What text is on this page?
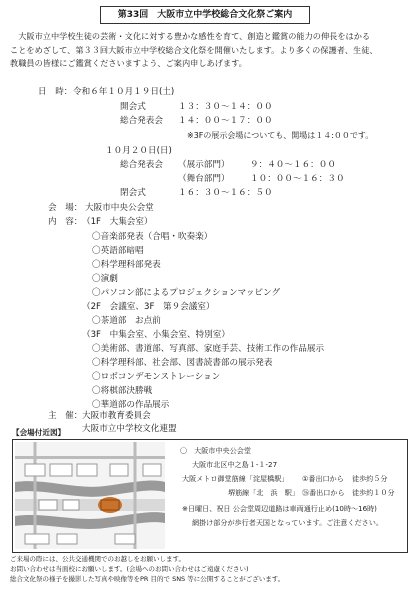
第33回　大阪市立中学校総合文化祭ご案内
　大阪市立中学校生徒の芸術・文化に対する豊かな感性を育て、創造と鑑賞の能力の伸長をはかる
ことをめざして、第３３回大阪市立中学校総合文化祭を開催いたします。より多くの保護者、生徒、
教職員の皆様にご鑑賞くださいますよう、ご案内申しあげます。
日　時： 令和６年１０月１９日(土)
開会式	１３：３０～１４：００
総合発表会 １４：００～１７：００
※3Fの展示会場についても、開場は１４:００です。
１０月２０日(日)
総合発表会 （展示部門） ９：４０～１６：００
（舞台部門） １０：００～１６：３０
閉会式	１６：３０～１６：５０
会　場： 大阪市中央公会堂
内　容： （1F　大集会室）
〇音楽部発表（合唱・吹奏楽）
〇英語部暗唱
〇科学理科部発表
〇演劇
〇パソコン部によるプロジェクションマッピング
（2F　会議室、3F　第９会議室）
〇茶道部　お点前
（3F　中集会室、小集会室、特別室）
〇美術部、書道部、写真部、家庭手芸、技術工作の作品展示
〇科学理科部、社会部、図書読書部の展示発表
〇ロボコンデモンストレーション
〇将棋部決勝戦
〇華道部の作品展示
主　催： 大阪市教育委員会
大阪市立中学校文化連盟
【会場付近図】
〇　大阪市中央公会堂
大阪市北区中之島１-１-27
大阪メトロ御堂筋線「淀屋橋駅」 ①番出口から 徒歩約５分
堺筋線「北　浜　駅」 ㉖番出口から 徒歩約１０分
※日曜日、祝日 公会堂周辺道路は車両通行止め(10時～16時)
網掛け部分が歩行者天国となっています。ご注意ください。
ご来場の際には、公共交通機関でのお越しをお願いします。
お問い合わせは当面校にお願いします。(会場へのお問い合わせはご遠慮ください)
総合文化祭の様子を撮影した写真や映像等をPR 目的で SNS 等に公開することがございます。
